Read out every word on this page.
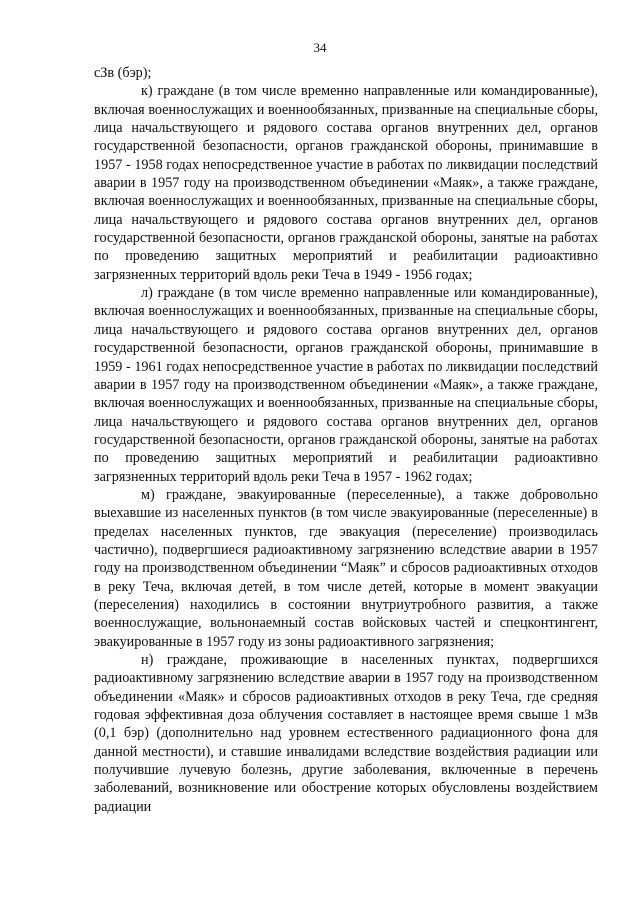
34

сЗв (бэр);

к) граждане (в том числе временно направленные или командированные), включая военнослужащих и военнообязанных, призванные на специальные сборы, лица начальствующего и рядового состава органов внутренних дел, органов государственной безопасности, органов гражданской обороны, принимавшие в 1957 - 1958 годах непосредственное участие в работах по ликвидации последствий аварии в 1957 году на производственном объединении «Маяк», а также граждане, включая военнослужащих и военнообязанных, призванные на специальные сборы, лица начальствующего и рядового состава органов внутренних дел, органов государственной безопасности, органов гражданской обороны, занятые на работах по проведению защитных мероприятий и реабилитации радиоактивно загрязненных территорий вдоль реки Теча в 1949 - 1956 годах;

л) граждане (в том числе временно направленные или командированные), включая военнослужащих и военнообязанных, призванные на специальные сборы, лица начальствующего и рядового состава органов внутренних дел, органов государственной безопасности, органов гражданской обороны, принимавшие в 1959 - 1961 годах непосредственное участие в работах по ликвидации последствий аварии в 1957 году на производственном объединении «Маяк», а также граждане, включая военнослужащих и военнообязанных, призванные на специальные сборы, лица начальствующего и рядового состава органов внутренних дел, органов государственной безопасности, органов гражданской обороны, занятые на работах по проведению защитных мероприятий и реабилитации радиоактивно загрязненных территорий вдоль реки Теча в 1957 - 1962 годах;

м) граждане, эвакуированные (переселенные), а также добровольно выехавшие из населенных пунктов (в том числе эвакуированные (переселенные) в пределах населенных пунктов, где эвакуация (переселение) производилась частично), подвергшиеся радиоактивному загрязнению вследствие аварии в 1957 году на производственном объединении “Маяк” и сбросов радиоактивных отходов в реку Теча, включая детей, в том числе детей, которые в момент эвакуации (переселения) находились в состоянии внутриутробного развития, а также военнослужащие, вольнонаемный состав войсковых частей и спецконтингент, эвакуированные в 1957 году из зоны радиоактивного загрязнения;

н) граждане, проживающие в населенных пунктах, подвергшихся радиоактивному загрязнению вследствие аварии в 1957 году на производственном объединении «Маяк» и сбросов радиоактивных отходов в реку Теча, где средняя годовая эффективная доза облучения составляет в настоящее время свыше 1 мЗв (0,1 бэр) (дополнительно над уровнем естественного радиационного фона для данной местности), и ставшие инвалидами вследствие воздействия радиации или получившие лучевую болезнь, другие заболевания, включенные в перечень заболеваний, возникновение или обострение которых обусловлены воздействием радиации
